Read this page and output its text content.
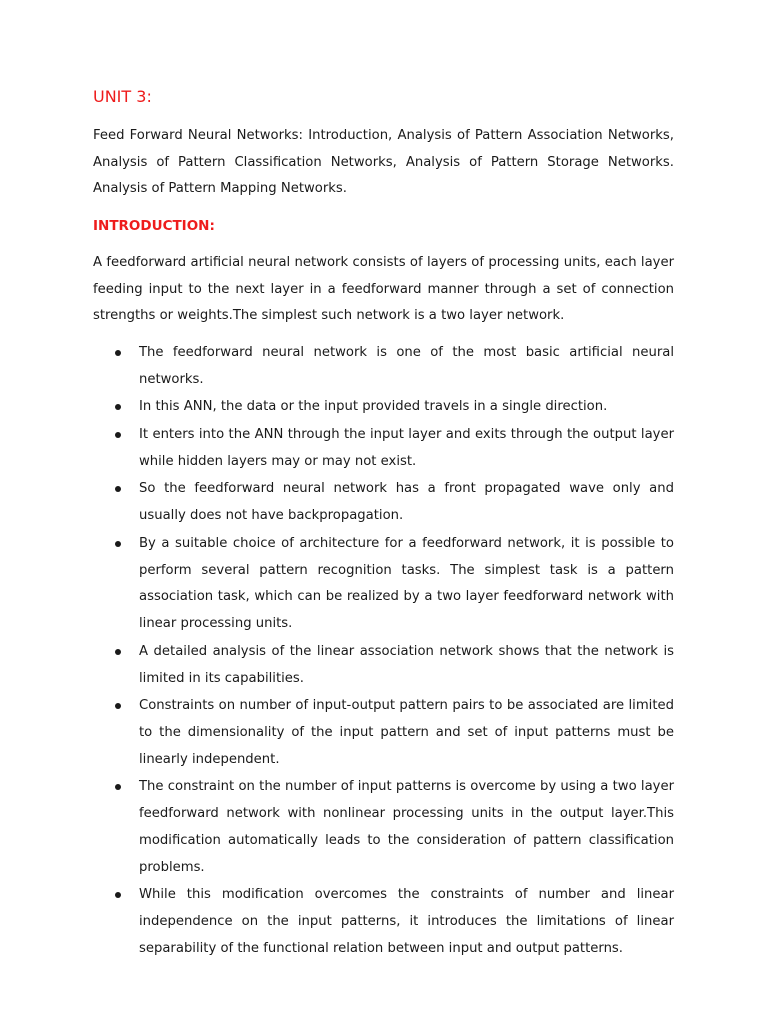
UNIT 3:

Feed Forward Neural Networks: Introduction, Analysis of Pattern Association Networks, Analysis of Pattern Classification Networks, Analysis of Pattern Storage Networks. Analysis of Pattern Mapping Networks.

INTRODUCTION:

A feedforward artificial neural network consists of layers of processing units, each layer feeding input to the next layer in a feedforward manner through a set of connection strengths or weights.The simplest such network is a two layer network.

The feedforward neural network is one of the most basic artificial neural networks.
In this ANN, the data or the input provided travels in a single direction.
It enters into the ANN through the input layer and exits through the output layer while hidden layers may or may not exist.
So the feedforward neural network has a front propagated wave only and usually does not have backpropagation.
By a suitable choice of architecture for a feedforward network, it is possible to perform several pattern recognition tasks. The simplest task is a pattern association task, which can be realized by a two layer feedforward network with linear processing units.
A detailed analysis of the linear association network shows that the network is limited in its capabilities.
Constraints on number of input-output pattern pairs to be associated are limited to the dimensionality of the input pattern and set of input patterns must be linearly independent.
The constraint on the number of input patterns is overcome by using a two layer feedforward network with nonlinear processing units in the output layer.This modification automatically leads to the consideration of pattern classification problems.
While this modification overcomes the constraints of number and linear independence on the input patterns, it introduces the limitations of linear separability of the functional relation between input and output patterns.
